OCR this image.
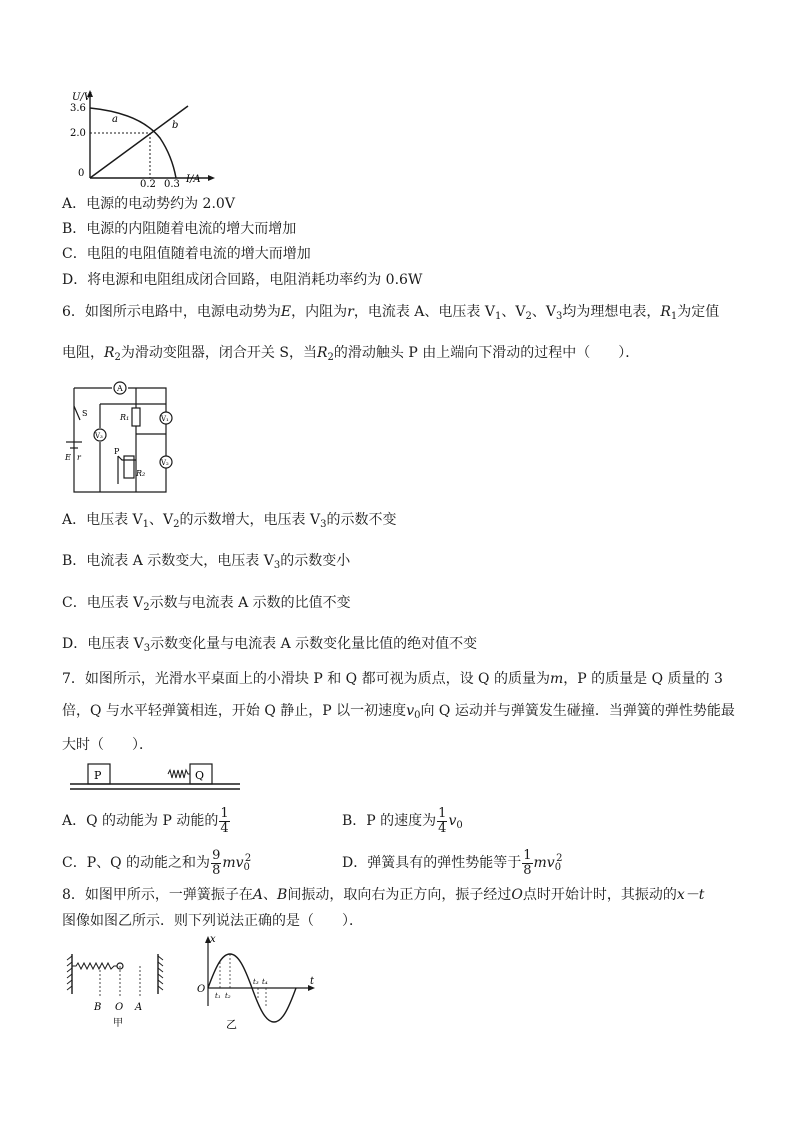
U/V
3.6
2.0
0
0.2 0.3 I/A
a
b
A．电源的电动势约为 2.0V
B．电源的内阻随着电流的增大而增加
C．电阻的电阻值随着电流的增大而增加
D．将电源和电阻组成闭合回路，电阻消耗功率约为 0.6W
6．如图所示电路中，电源电动势为E，内阻为r，电流表 A、电压表 $V_1$、$V_2$、$V_3$均为理想电表，$R_1$为定值
电阻，$R_2$为滑动变阻器，闭合开关 S，当$R_2$的滑动触头 P 由上端向下滑动的过程中（　　）．
A
S	R₁	V₁
V₂
V₃
E r
P
R₂
A．电压表 $V_1$、$V_2$的示数增大，电压表 $V_3$的示数不变
B．电流表 A 示数变大，电压表 $V_3$的示数变小
C．电压表 $V_2$示数与电流表 A 示数的比值不变
D．电压表 $V_3$示数变化量与电流表 A 示数变化量比值的绝对值不变
7．如图所示，光滑水平桌面上的小滑块 P 和 Q 都可视为质点，设 Q 的质量为m，P 的质量是 Q 质量的 3
倍，Q 与水平轻弹簧相连，开始 Q 静止，P 以一初速度$v_0$向 Q 运动并与弹簧发生碰撞．当弹簧的弹性势能最
大时（　　）．
P	Q
A．Q 的动能为 P 动能的 $\frac{1}{4}$	B．P 的速度为 $\frac{1}{4} v_0$
C．P、Q 的动能之和为 $\frac{9}{8} mv_0^2$	D．弹簧具有的弹性势能等于 $\frac{1}{8} mv_0^2$
8．如图甲所示，一弹簧振子在A、B间振动，取向右为正方向，振子经过O点时开始计时，其振动的x－t
图像如图乙所示．则下列说法正确的是（　　）．
B O A
甲
x
t
O
t₁ t₂
t₃ t₄
乙
